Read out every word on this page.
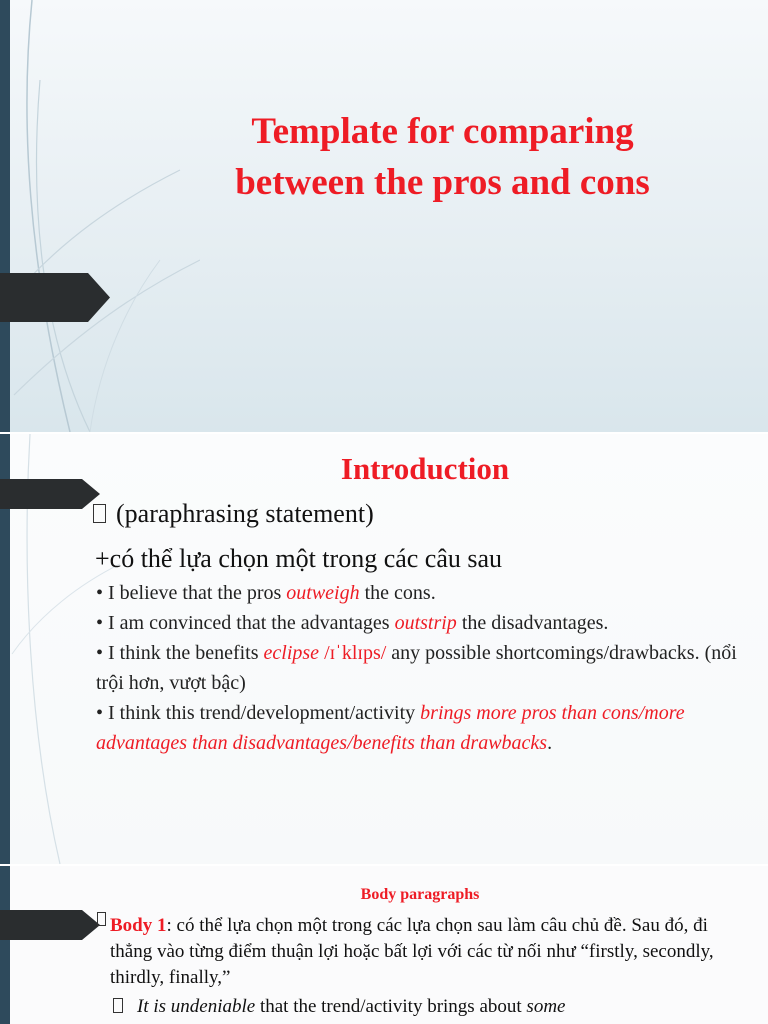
Template for comparing
between the pros and cons
Introduction
(paraphrasing statement)
+có thể lựa chọn một trong các câu sau
• I believe that the pros outweigh the cons.
• I am convinced that the advantages outstrip the disadvantages.
• I think the benefits eclipse /ɪˈklɪps/ any possible shortcomings/drawbacks. (nổi trội hơn, vượt bậc)
• I think this trend/development/activity brings more pros than cons/more advantages than disadvantages/benefits than drawbacks.
Body paragraphs

Body 1: có thể lựa chọn một trong các lựa chọn sau làm câu chủ đề. Sau đó, đi thẳng vào từng điểm thuận lợi hoặc bất lợi với các từ nối như “firstly, secondly, thirdly, finally,”

It is undeniable that the trend/activity brings about some
